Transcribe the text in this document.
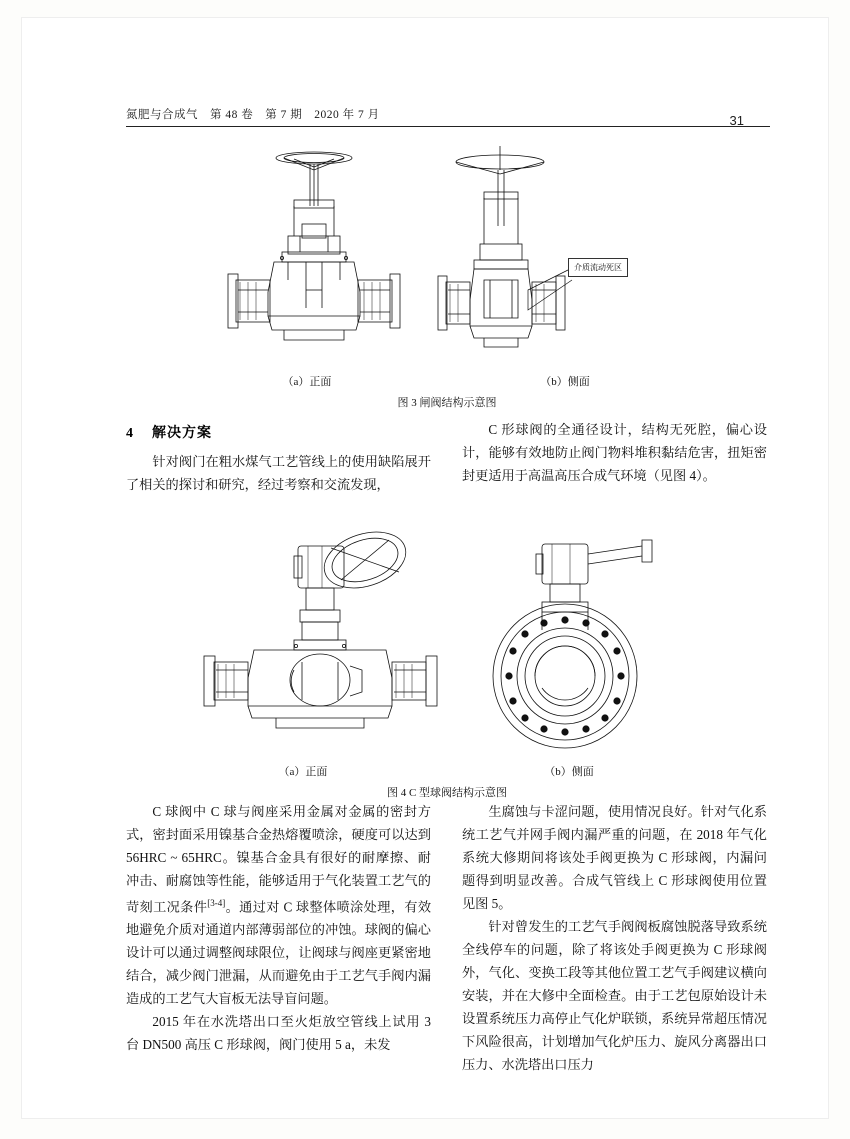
氮肥与合成气 第 48 卷 第 7 期 2020 年 7 月	31
介质流动死区
（a）正面	（b）侧面
图 3 闸阀结构示意图
4 解决方案

针对阀门在粗水煤气工艺管线上的使用缺陷展开了相关的探讨和研究，经过考察和交流发现，

C 形球阀的全通径设计，结构无死腔，偏心设计，能够有效地防止阀门物料堆积黏结危害，扭矩密封更适用于高温高压合成气环境（见图 4）。

（a）正面	（b）侧面
图 4 C 型球阀结构示意图

C 球阀中 C 球与阀座采用金属对金属的密封方式，密封面采用镍基合金热熔覆喷涂，硬度可以达到 56HRC ~ 65HRC。镍基合金具有很好的耐摩擦、耐冲击、耐腐蚀等性能，能够适用于气化装置工艺气的苛刻工况条件[3-4]。通过对 C 球整体喷涂处理，有效地避免介质对通道内部薄弱部位的冲蚀。球阀的偏心设计可以通过调整阀球限位，让阀球与阀座更紧密地结合，减少阀门泄漏，从而避免由于工艺气手阀内漏造成的工艺气大盲板无法导盲问题。

2015 年在水洗塔出口至火炬放空管线上试用 3 台 DN500 高压 C 形球阀，阀门使用 5 a，未发

生腐蚀与卡涩问题，使用情况良好。针对气化系统工艺气并网手阀内漏严重的问题，在 2018 年气化系统大修期间将该处手阀更换为 C 形球阀，内漏问题得到明显改善。合成气管线上 C 形球阀使用位置见图 5。

针对曾发生的工艺气手阀阀板腐蚀脱落导致系统全线停车的问题，除了将该处手阀更换为 C 形球阀外，气化、变换工段等其他位置工艺气手阀建议横向安装，并在大修中全面检查。由于工艺包原始设计未设置系统压力高停止气化炉联锁，系统异常超压情况下风险很高，计划增加气化炉压力、旋风分离器出口压力、水洗塔出口压力
